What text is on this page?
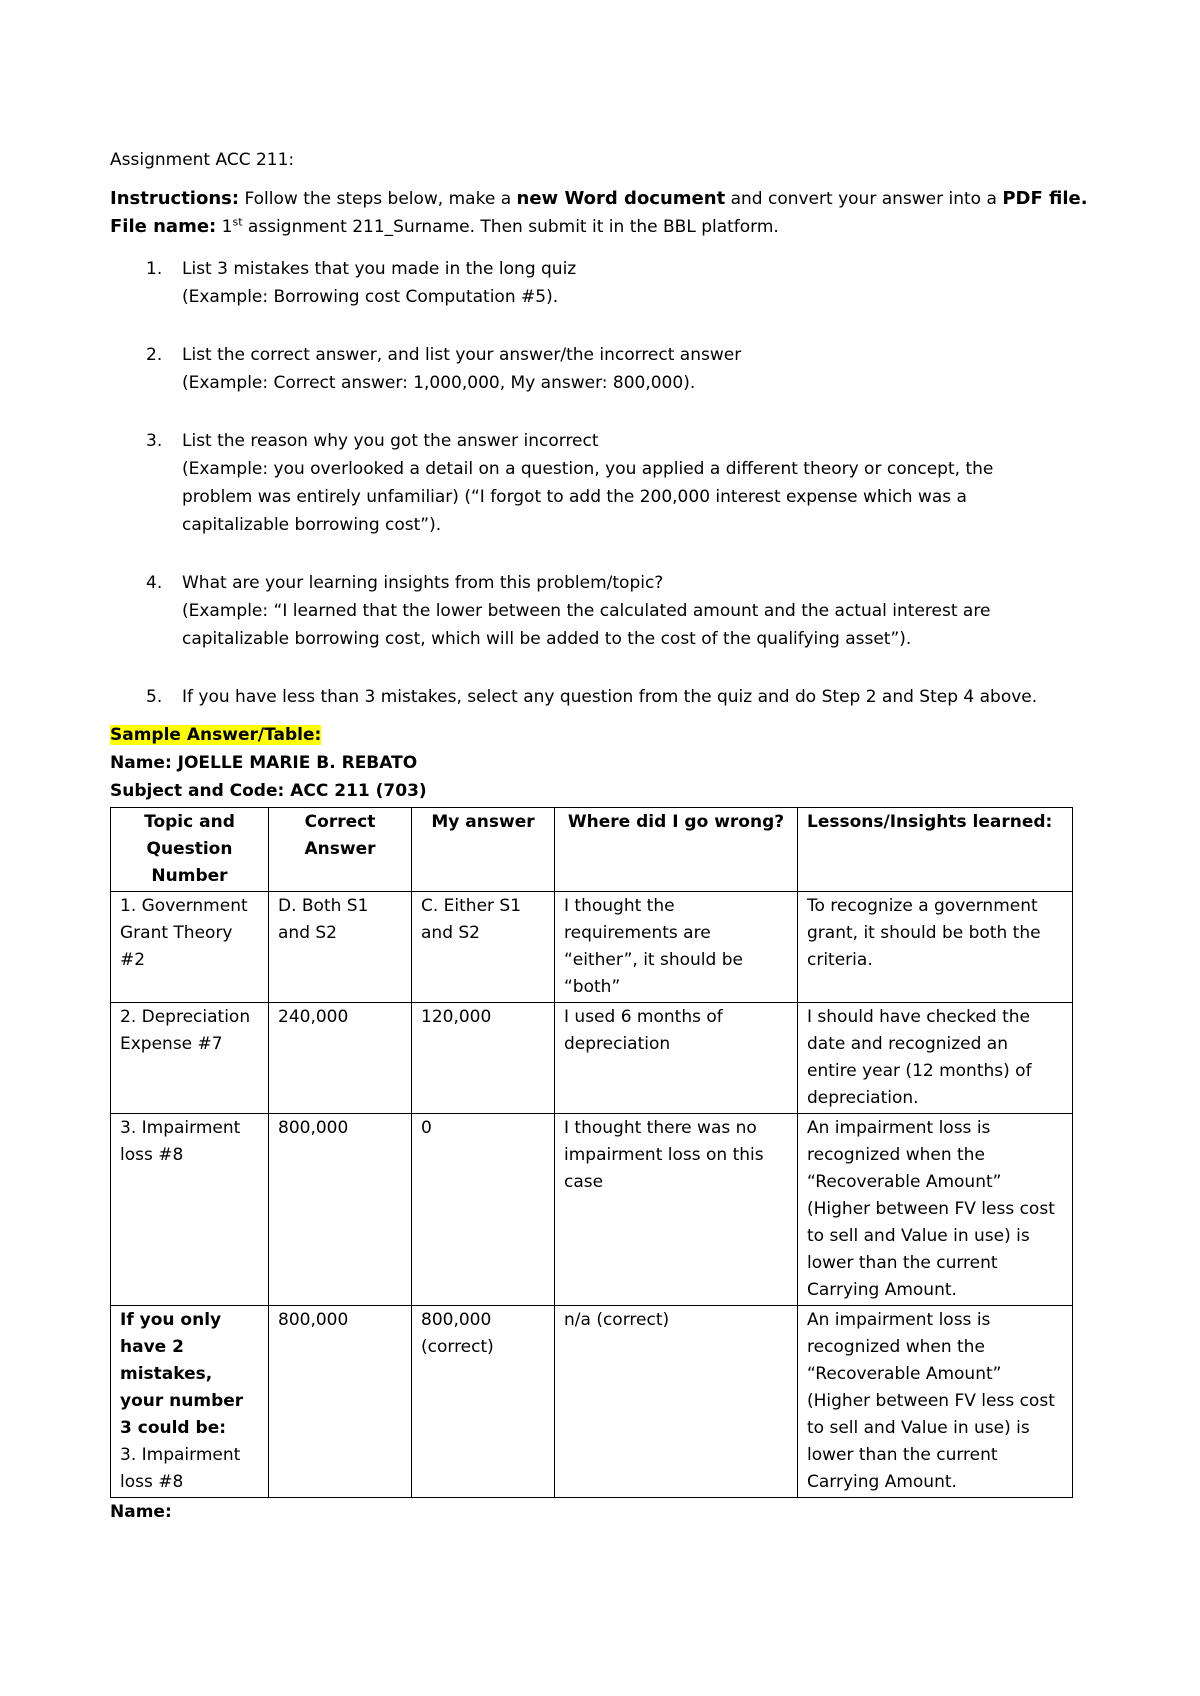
Assignment ACC 211:

Instructions: Follow the steps below, make a new Word document and convert your answer into a PDF file.

File name: 1st assignment 211_Surname. Then submit it in the BBL platform.

1. List 3 mistakes that you made in the long quiz
(Example: Borrowing cost Computation #5).
2. List the correct answer, and list your answer/the incorrect answer
(Example: Correct answer: 1,000,000, My answer: 800,000).
3. List the reason why you got the answer incorrect
(Example: you overlooked a detail on a question, you applied a different theory or concept, the
problem was entirely unfamiliar) (“I forgot to add the 200,000 interest expense which was a
capitalizable borrowing cost”).
4. What are your learning insights from this problem/topic?
(Example: “I learned that the lower between the calculated amount and the actual interest are
capitalizable borrowing cost, which will be added to the cost of the qualifying asset”).
5. If you have less than 3 mistakes, select any question from the quiz and do Step 2 and Step 4 above.

Sample Answer/Table:

Name: JOELLE MARIE B. REBATO

Subject and Code: ACC 211 (703)

Topic and Question Number	Correct Answer	My answer	Where did I go wrong?	Lessons/Insights learned:
1. Government Grant Theory #2	D. Both S1 and S2	C. Either S1 and S2	I thought the requirements are “either”, it should be “both”	To recognize a government grant, it should be both the criteria.
2. Depreciation Expense #7	240,000	120,000	I used 6 months of depreciation	I should have checked the date and recognized an entire year (12 months) of depreciation.
3. Impairment loss #8	800,000	0	I thought there was no impairment loss on this case	An impairment loss is recognized when the “Recoverable Amount” (Higher between FV less cost to sell and Value in use) is lower than the current Carrying Amount.

If you only have 2 mistakes, your number 3 could be:
3. Impairment loss #8	800,000	800,000 (correct)	n/a (correct)	An impairment loss is recognized when the “Recoverable Amount” (Higher between FV less cost to sell and Value in use) is lower than the current Carrying Amount.

Name:
